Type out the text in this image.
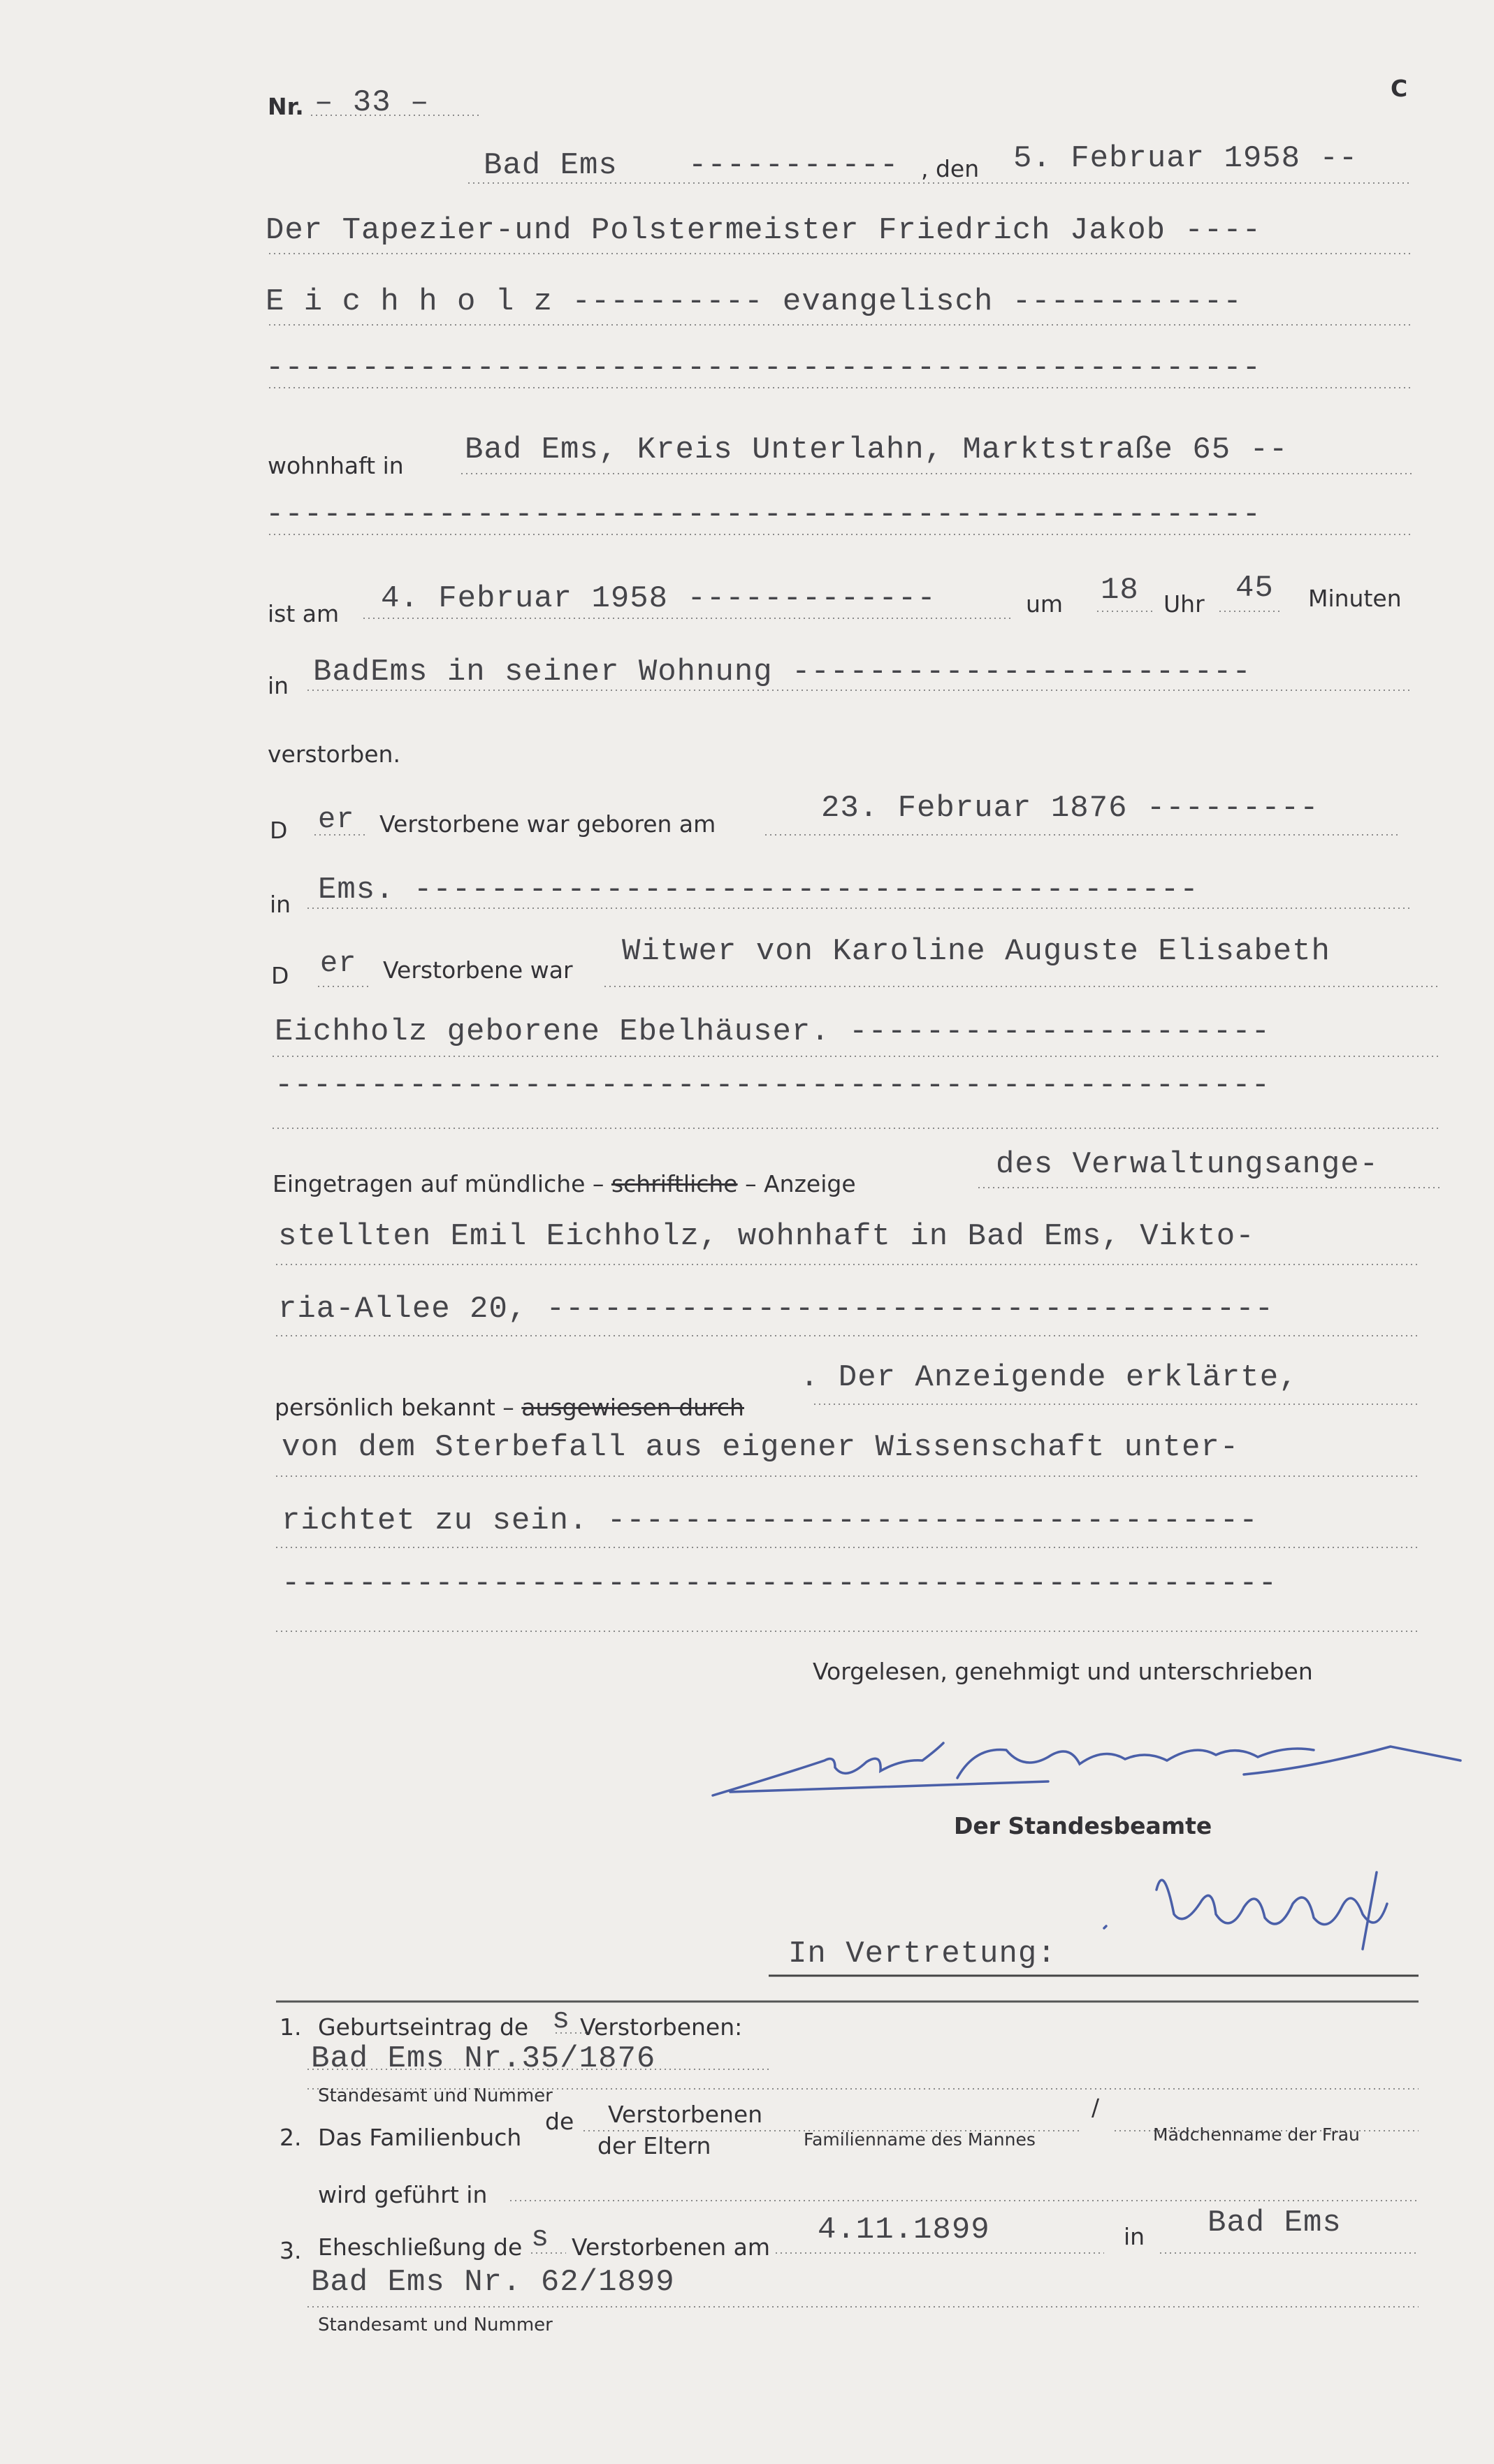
Nr. – 33 –	C
Bad Ems ----------- , den 5. Februar 1958 --
Der Tapezier-und Polstermeister Friedrich Jakob ----
E i c h h o l z ---------- evangelisch ------------
----------------------------------------------------
wohnhaft in Bad Ems, Kreis Unterlahn, Marktstraße 65 --
----------------------------------------------------
ist am 4. Februar 1958 -------------	um 18 Uhr 45 Minuten
in BadEms in seiner Wohnung ------------------------
verstorben.
D er Verstorbene war geboren am	23. Februar 1876 ---------
in Ems. -----------------------------------------
D er Verstorbene war
Witwer von Karoline Auguste Elisabeth
Eichholz geborene Ebelhäuser. ----------------------
----------------------------------------------------
Eingetragen auf mündliche – schriftliche – Anzeige
des Verwaltungsange-
stellten Emil Eichholz, wohnhaft in Bad Ems, Vikto-
ria-Allee 20, --------------------------------------
persönlich bekannt – ausgewiesen durch
. Der Anzeigende erklärte,
von dem Sterbefall aus eigener Wissenschaft unter-
richtet zu sein. ----------------------------------
----------------------------------------------------
Vorgelesen, genehmigt und unterschrieben
Der Standesbeamte
In Vertretung:
1. Geburtseintrag de s Verstorbenen:
Bad Ems Nr.35/1876
Standesamt und Nummer
2. Das Familienbuch
de Verstorbenen
der Eltern
/
Familienname des Mannes	Mädchenname der Frau
wird geführt in
3. Eheschließung de s Verstorbenen am 4.11.1899	in Bad Ems
Bad Ems Nr. 62/1899
Standesamt und Nummer
